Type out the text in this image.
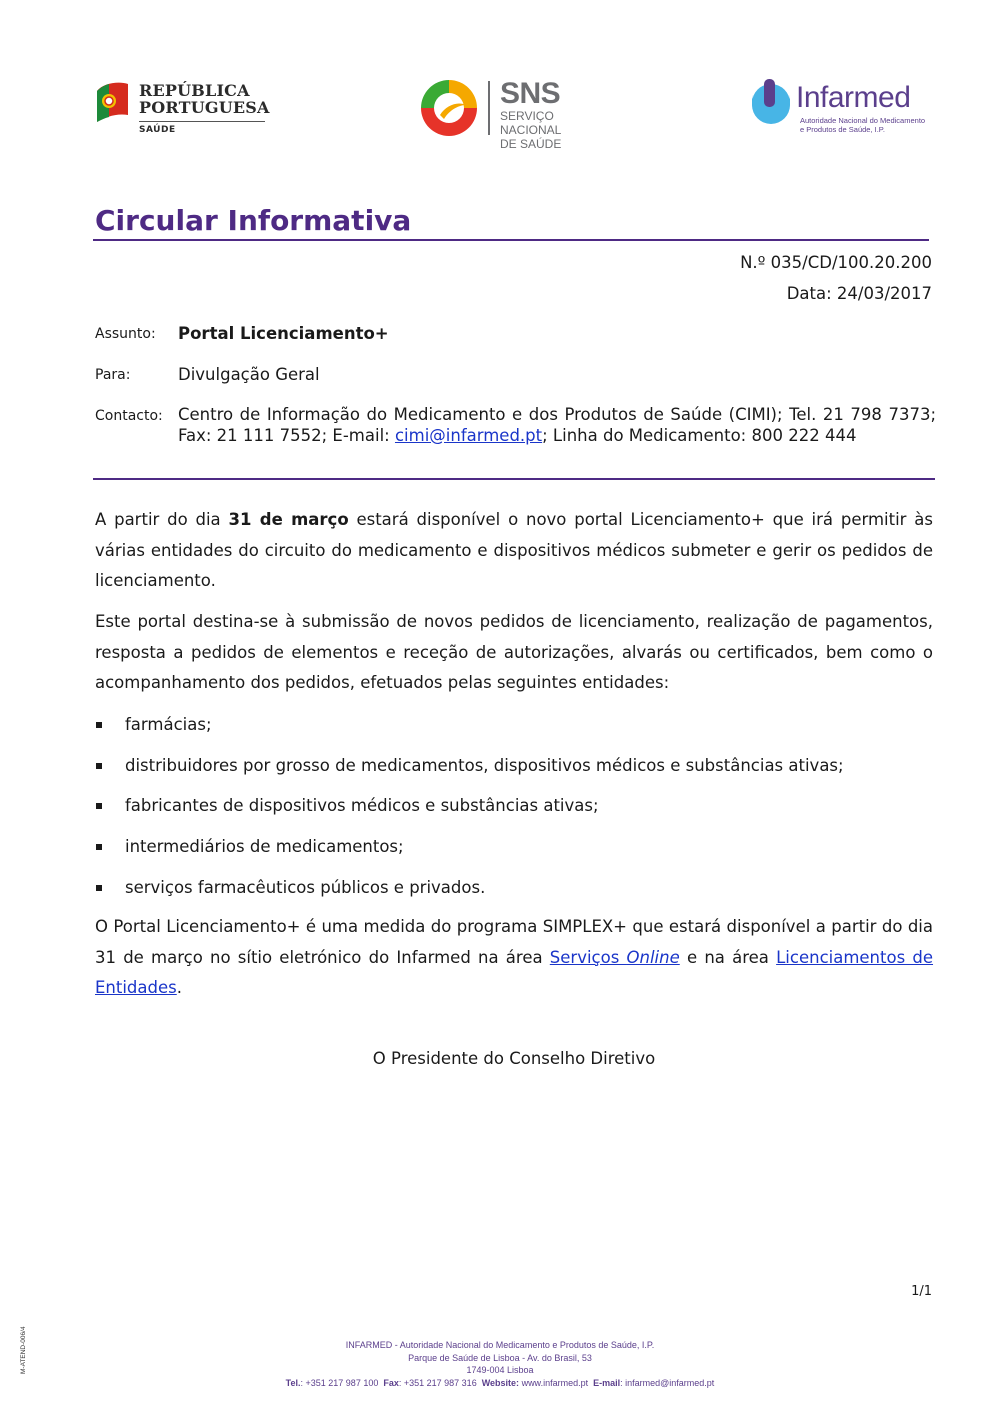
REPÚBLICA
PORTUGUESA
SAÚDE
SNS
SERVIÇO NACIONAL
DE SAÚDE
Infarmed
Autoridade Nacional do Medicamento
e Produtos de Saúde, I.P.
Circular Informativa
N.º 035/CD/100.20.200
Data: 24/03/2017
Assunto: Portal Licenciamento+
Para:	Divulgação Geral
Contacto: Centro de Informação do Medicamento e dos Produtos de Saúde (CIMI); Tel. 21 798 7373; Fax: 21 111 7552; E-mail: cimi@infarmed.pt; Linha do Medicamento: 800 222 444

A partir do dia 31 de março estará disponível o novo portal Licenciamento+ que irá permitir às várias entidades do circuito do medicamento e dispositivos médicos submeter e gerir os pedidos de licenciamento.

Este portal destina-se à submissão de novos pedidos de licenciamento, realização de pagamentos, resposta a pedidos de elementos e receção de autorizações, alvarás ou certificados, bem como o acompanhamento dos pedidos, efetuados pelas seguintes entidades:

farmácias;
distribuidores por grosso de medicamentos, dispositivos médicos e substâncias ativas;
fabricantes de dispositivos médicos e substâncias ativas;
intermediários de medicamentos;
serviços farmacêuticos públicos e privados.

O Portal Licenciamento+ é uma medida do programa SIMPLEX+ que estará disponível a partir do dia 31 de março no sítio eletrónico do Infarmed na área Serviços Online e na área Licenciamentos de Entidades.

O Presidente do Conselho Diretivo
1/1
M-ATEND-006/4	INFARMED - Autoridade Nacional do Medicamento e Produtos de Saúde, I.P.
Parque de Saúde de Lisboa - Av. do Brasil, 53
1749-004 Lisboa
Tel.: +351 217 987 100 Fax: +351 217 987 316 Website: www.infarmed.pt E-mail: infarmed@infarmed.pt
